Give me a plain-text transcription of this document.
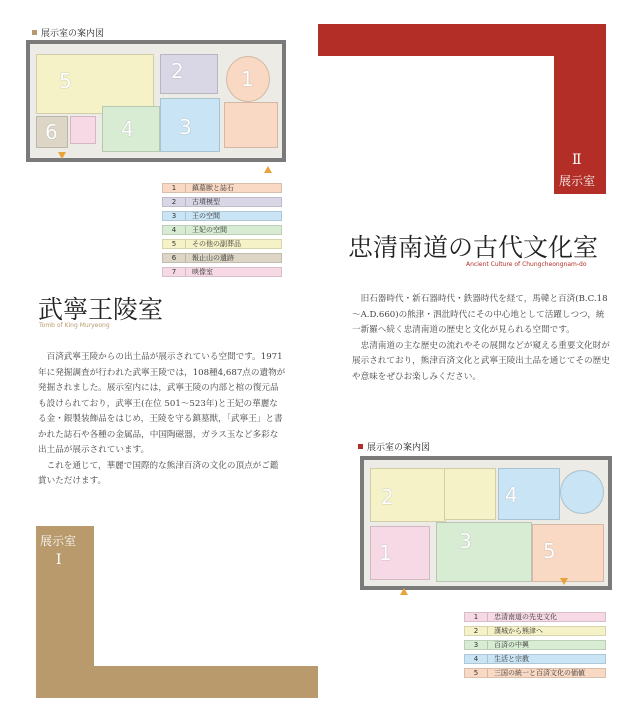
展示室の案内図
5	2	1
6	4 3
1	鎮墓獣と誌石
2	古墳模型
3	王の空間
4	王妃の空間
5	その他の副葬品
6	報止山の遺跡
7	映像室
武寧王陵室
Tomb of King Muryeong

百済武寧王陵からの出土品が展示されている空間です。1971年に発掘調査が行われた武寧王陵では，108種4,687点の遺物が発掘されました。展示室内には，武寧王陵の内部と棺の復元品も設けられており，武寧王(在位 501～523年)と王妃の華麗なる金・銀製装飾品をはじめ，王陵を守る鎮墓獣，「武寧王」と書かれた誌石や各種の金属品，中国陶磁器，ガラス玉など多彩な出土品が展示されています。

これを通じて，華麗で国際的な熊津百済の文化の頂点がご鑑賞いただけます。

展示室
Ⅰ
Ⅱ
展示室
忠清南道の古代文化室
Ancient Culture of Chungcheongnam-do

旧石器時代・新石器時代・鉄器時代を経て，馬韓と百済(B.C.18～A.D.660)の熊津・泗沘時代にその中心地として活躍しつつ，統一新羅へ続く忠清南道の歴史と文化が見られる空間です。

忠清南道の主な歴史の流れやその展開などが窺える重要文化財が展示されており，熊津百済文化と武寧王陵出土品を通じてその歴史や意味をぜひお楽しみください。

展示室の案内図
2
1	3
4
5
1	忠清南道の先史文化
2	漢城から熊津へ
3	百済の中興
4	生活と宗教
5	三国の統一と百済文化の価値
